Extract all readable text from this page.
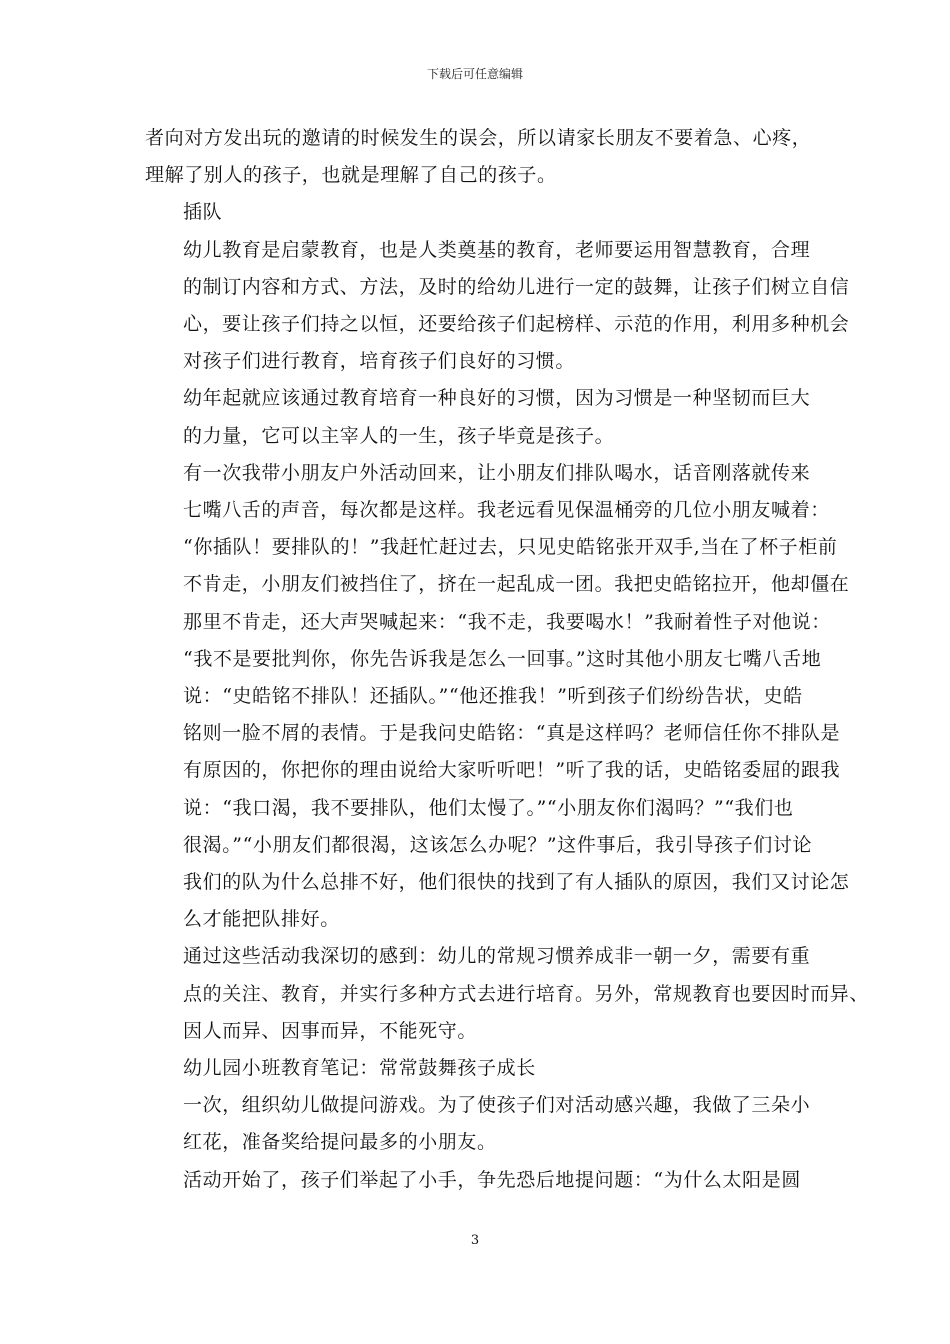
下载后可任意编辑

者向对方发出玩的邀请的时候发生的误会，所以请家长朋友不要着急、心疼，
理解了别人的孩子，也就是理解了自己的孩子。

插队

幼儿教育是启蒙教育，也是人类奠基的教育，老师要运用智慧教育，合理
的制订内容和方式、方法，及时的给幼儿进行一定的鼓舞，让孩子们树立自信
心，要让孩子们持之以恒，还要给孩子们起榜样、示范的作用，利用多种机会
对孩子们进行教育，培育孩子们良好的习惯。

幼年起就应该通过教育培育一种良好的习惯，因为习惯是一种坚韧而巨大
的力量，它可以主宰人的一生，孩子毕竟是孩子。

有一次我带小朋友户外活动回来，让小朋友们排队喝水，话音刚落就传来
七嘴八舌的声音，每次都是这样。我老远看见保温桶旁的几位小朋友喊着：
“你插队！要排队的！”我赶忙赶过去，只见史皓铭张开双手,当在了杯子柜前
不肯走，小朋友们被挡住了，挤在一起乱成一团。我把史皓铭拉开，他却僵在
那里不肯走，还大声哭喊起来：“我不走，我要喝水！”我耐着性子对他说：
“我不是要批判你，你先告诉我是怎么一回事。”这时其他小朋友七嘴八舌地
说：“史皓铭不排队！还插队。”“他还推我！”听到孩子们纷纷告状，史皓
铭则一脸不屑的表情。于是我问史皓铭：“真是这样吗？老师信任你不排队是
有原因的，你把你的理由说给大家听听吧！”听了我的话，史皓铭委屈的跟我
说：“我口渴，我不要排队，他们太慢了。”“小朋友你们渴吗？”“我们也
很渴。”“小朋友们都很渴，这该怎么办呢？”这件事后，我引导孩子们讨论
我们的队为什么总排不好，他们很快的找到了有人插队的原因，我们又讨论怎
么才能把队排好。

通过这些活动我深切的感到：幼儿的常规习惯养成非一朝一夕，需要有重
点的关注、教育，并实行多种方式去进行培育。另外，常规教育也要因时而异、
因人而异、因事而异，不能死守。

幼儿园小班教育笔记：常常鼓舞孩子成长

一次，组织幼儿做提问游戏。为了使孩子们对活动感兴趣，我做了三朵小
红花，准备奖给提问最多的小朋友。

活动开始了，孩子们举起了小手，争先恐后地提问题：“为什么太阳是圆

3
